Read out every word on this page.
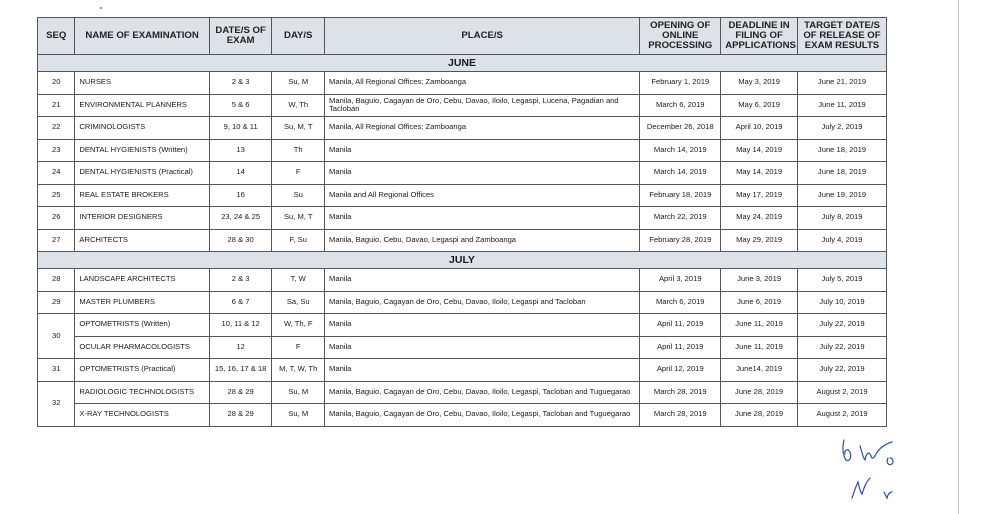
SEQ	NAME OF EXAMINATION	DATE/S OF EXAM	DAY/S	PLACE/S	OPENING OF ONLINE PROCESSING	DEADLINE IN FILING OF APPLICATIONS	TARGET DATE/S OF RELEASE OF EXAM RESULTS
JUNE							
20	NURSES	2 & 3	Su, M	Manila, All Regional Offices; Zamboanga	February 1, 2019	May 3, 2019	June 21, 2019
21	ENVIRONMENTAL PLANNERS	5 & 6	W, Th	Manila, Baguio, Cagayan de Oro, Cebu, Davao, Iloilo, Legaspi, Lucena, Pagadian and Tacloban	March 6, 2019	May 6, 2019	June 11, 2019
22	CRIMINOLOGISTS	9, 10 & 11	Su, M, T	Manila, All Regional Offices; Zamboanga	December 26, 2018	April 10, 2019	July 2, 2019
23	DENTAL HYGIENISTS (Written)	13	Th	Manila	March 14, 2019	May 14, 2019	June 18, 2019
24	DENTAL HYGIENISTS (Practical)	14	F	Manila	March 14, 2019	May 14, 2019	June 18, 2019
25	REAL ESTATE BROKERS	16	Su	Manila and All Regional Offices	February 18, 2019	May 17, 2019	June 19, 2019
26	INTERIOR DESIGNERS	23, 24 & 25	Su, M, T	Manila	March 22, 2019	May 24, 2019	July 8, 2019
27	ARCHITECTS	28 & 30	F, Su	Manila, Baguio, Cebu, Davao, Legaspi and Zamboanga	February 28, 2019	May 29, 2019	July 4, 2019
JULY							
28	LANDSCAPE ARCHITECTS	2 & 3	T, W	Manila	April 3, 2019	June 3, 2019	July 5, 2019
29	MASTER PLUMBERS	6 & 7	Sa, Su	Manila, Baguio, Cagayan de Oro, Cebu, Davao, Iloilo, Legaspi and Tacloban	March 6, 2019	June 6, 2019	July 10, 2019
30	OPTOMETRISTS (Written)	10, 11 & 12	W, Th, F	Manila	April 11, 2019	June 11, 2019	July 22, 2019
	OCULAR PHARMACOLOGISTS	12	F	Manila	April 11, 2019	June 11, 2019	July 22, 2019
31	OPTOMETRISTS (Practical)	15, 16, 17 & 18	M, T, W, Th	Manila	April 12, 2019	June14, 2019	July 22, 2019
32	RADIOLOGIC TECHNOLOGISTS	28 & 29	Su, M	Manila, Baguio, Cagayan de Oro, Cebu, Davao, Iloilo, Legaspi, Tacloban and Tuguegarao	March 28, 2019	June 28, 2019	August 2, 2019
	X-RAY TECHNOLOGISTS	28 & 29	Su, M	Manila, Baguio, Cagayan de Oro, Cebu, Davao, Iloilo, Legaspi, Tacloban and Tuguegarao	March 28, 2019	June 28, 2019	August 2, 2019
